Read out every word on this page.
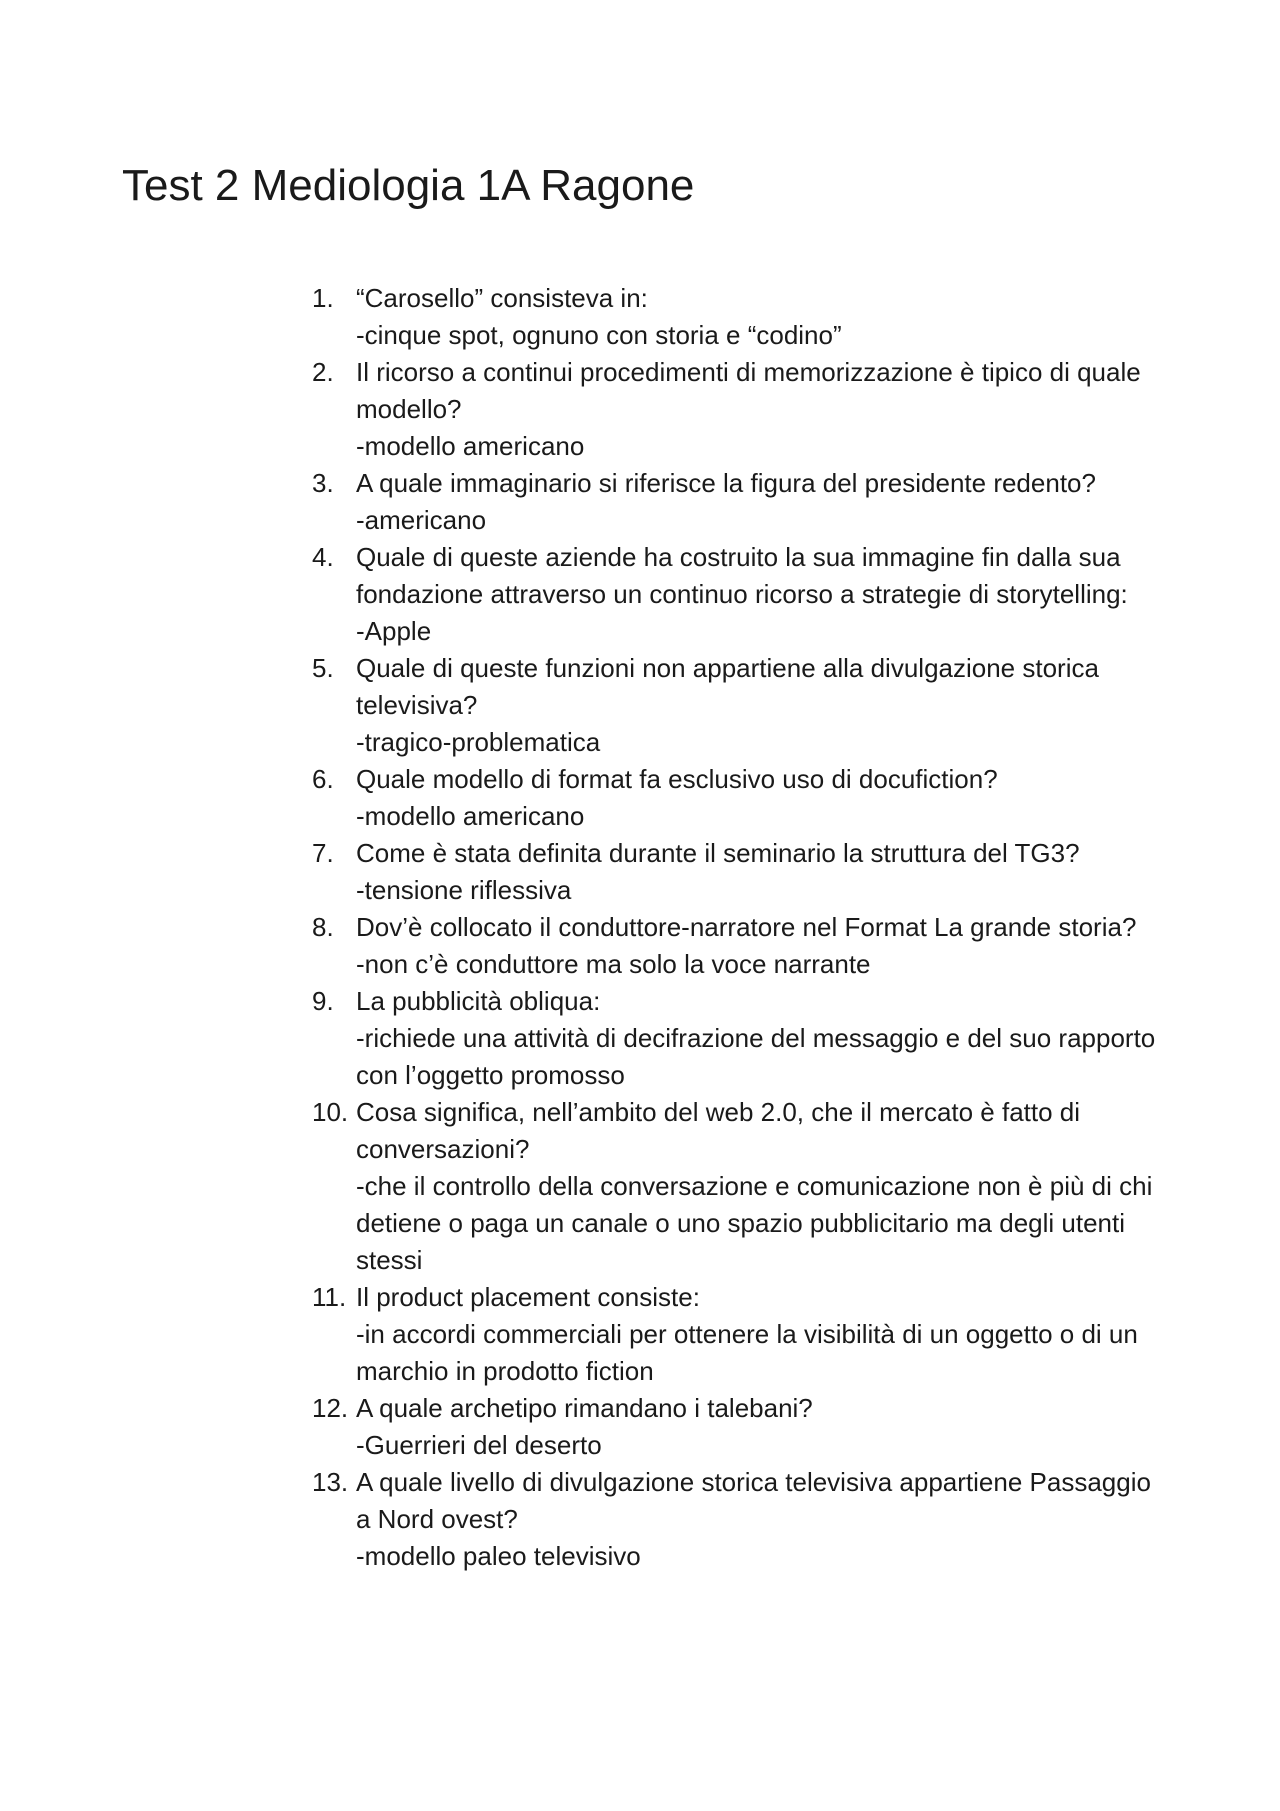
Test 2 Mediologia 1A Ragone
1. “Carosello” consisteva in:
-cinque spot, ognuno con storia e “codino”
2. Il ricorso a continui procedimenti di memorizzazione è tipico di quale modello?
-modello americano
3. A quale immaginario si riferisce la figura del presidente redento?
-americano
4. Quale di queste aziende ha costruito la sua immagine fin dalla sua fondazione attraverso un continuo ricorso a strategie di storytelling:
-Apple
5. Quale di queste funzioni non appartiene alla divulgazione storica televisiva?
-tragico-problematica
6. Quale modello di format fa esclusivo uso di docufiction?
-modello americano
7. Come è stata definita durante il seminario la struttura del TG3?
-tensione riflessiva
8. Dov’è collocato il conduttore-narratore nel Format La grande storia?
-non c’è conduttore ma solo la voce narrante
9. La pubblicità obliqua:
-richiede una attività di decifrazione del messaggio e del suo rapporto con l’oggetto promosso
10. Cosa significa, nell’ambito del web 2.0, che il mercato è fatto di conversazioni?
-che il controllo della conversazione e comunicazione non è più di chi detiene o paga un canale o uno spazio pubblicitario ma degli utenti stessi
11. Il product placement consiste:
-in accordi commerciali per ottenere la visibilità di un oggetto o di un marchio in prodotto fiction
12. A quale archetipo rimandano i talebani?
-Guerrieri del deserto
13. A quale livello di divulgazione storica televisiva appartiene Passaggio a Nord ovest?
-modello paleo televisivo
